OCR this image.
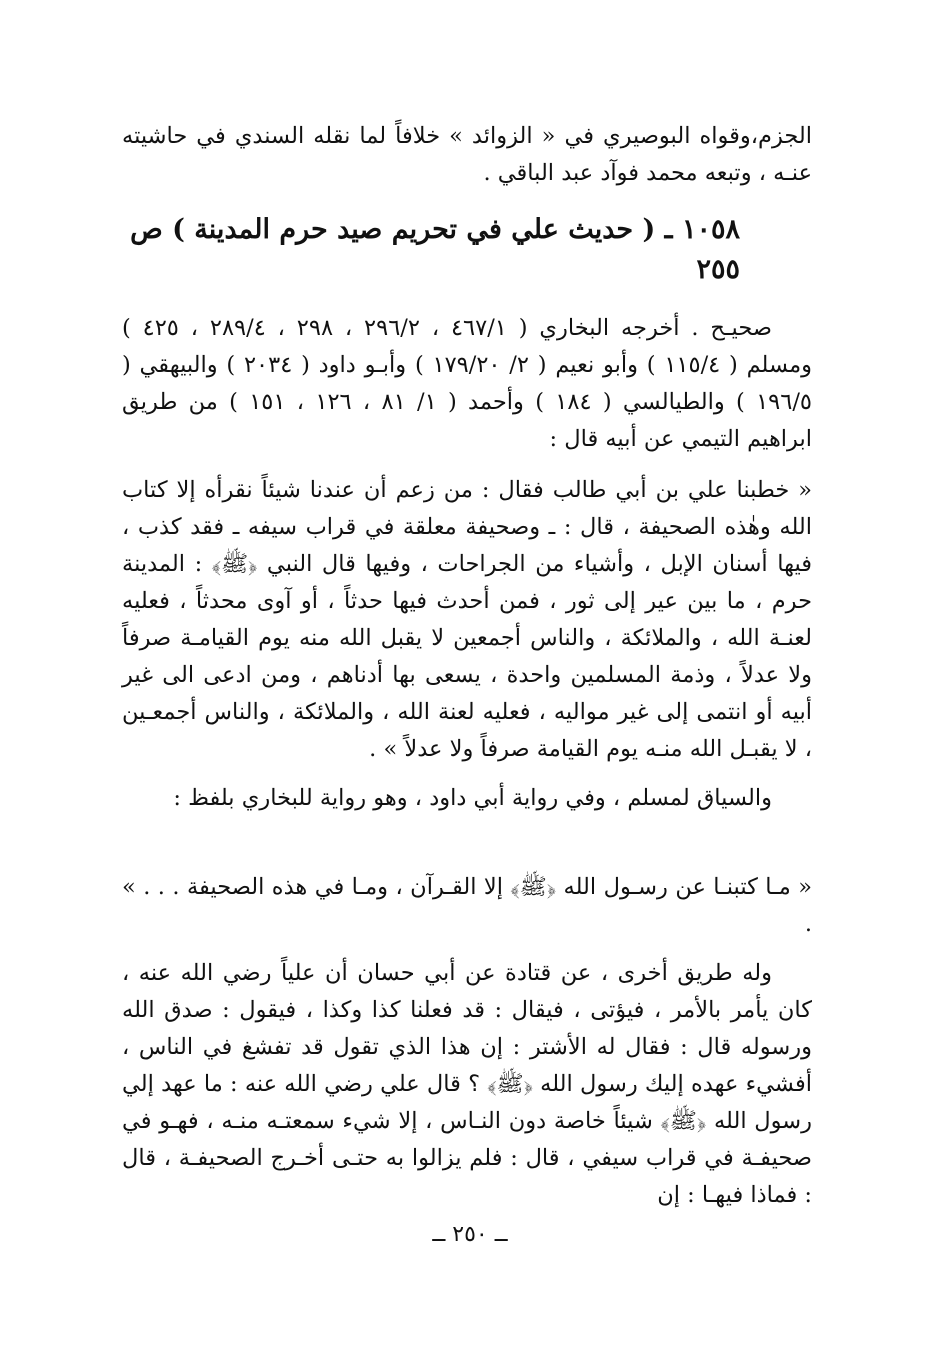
الجزم،وقواه البوصيري في « الزوائد » خلافاً لما نقله السندي في حاشيته عنـه ، وتبعه محمد فوآد عبد الباقي .

١٠٥٨ ـ ( حديث علي في تحريم صيد حرم المدينة ) ص ٢٥٥

صحيـح . أخرجه البخاري ( ٤٦٧/١ ، ٢٩٦/٢ ، ٢٩٨ ، ٢٨٩/٤ ، ٤٢٥ ) ومسلم ( ١١٥/٤ ) وأبو نعيم ( ٢/ ١٧٩/٢٠ ) وأبـو داود ( ٢٠٣٤ ) والبيهقي ( ١٩٦/٥ ) والطيالسي ( ١٨٤ ) وأحمد ( ١/ ٨١ ، ١٢٦ ، ١٥١ ) من طريق ابراهيم التيمي عن أبيه قال :

« خطبنا علي بن أبي طالب فقال : من زعم أن عندنا شيئاً نقرأه إلا كتاب الله وهٰذه الصحيفة ، قال : ـ وصحيفة معلقة في قراب سيفه ـ فقد كذب ، فيها أسنان الإبل ، وأشياء من الجراحات ، وفيها قال النبي ﴿ﷺ﴾ : المدينة حرم ، ما بين عير إلى ثور ، فمن أحدث فيها حدثاً ، أو آوى محدثاً ، فعليه لعنـة الله ، والملائكة ، والناس أجمعين لا يقبل الله منه يوم القيامـة صرفاً ولا عدلاً ، وذمة المسلمين واحدة ، يسعى بها أدناهم ، ومن ادعى الى غير أبيه أو انتمى إلى غير مواليه ، فعليه لعنة الله ، والملائكة ، والناس أجمعـين ، لا يقبـل الله منـه يوم القيامة صرفاً ولا عدلاً » .

والسياق لمسلم ، وفي رواية أبي داود ، وهو رواية للبخاري بلفظ :

« مـا كتبنـا عن رسـول الله ﴿ﷺ﴾ إلا القـرآن ، ومـا في هذه الصحيفة . . . » .

وله طريق أخرى ، عن قتادة عن أبي حسان أن علياً رضي الله عنه ، كان يأمر بالأمر ، فيؤتى ، فيقال : قد فعلنا كذا وكذا ، فيقول : صدق الله ورسوله قال : فقال له الأشتر : إن هذا الذي تقول قد تفشغ في الناس ، أفشيء عهده إليك رسول الله ﴿ﷺ﴾ ؟ قال علي رضي الله عنه : ما عهد إلي رسول الله ﴿ﷺ﴾ شيئاً خاصة دون النـاس ، إلا شيء سمعتـه منـه ، فهـو في صحيفـة في قراب سيفي ، قال : فلم يزالوا به حتـى أخـرج الصحيفـة ، قال : فماذا فيهـا : إن

ــ ٢٥٠ ــ
